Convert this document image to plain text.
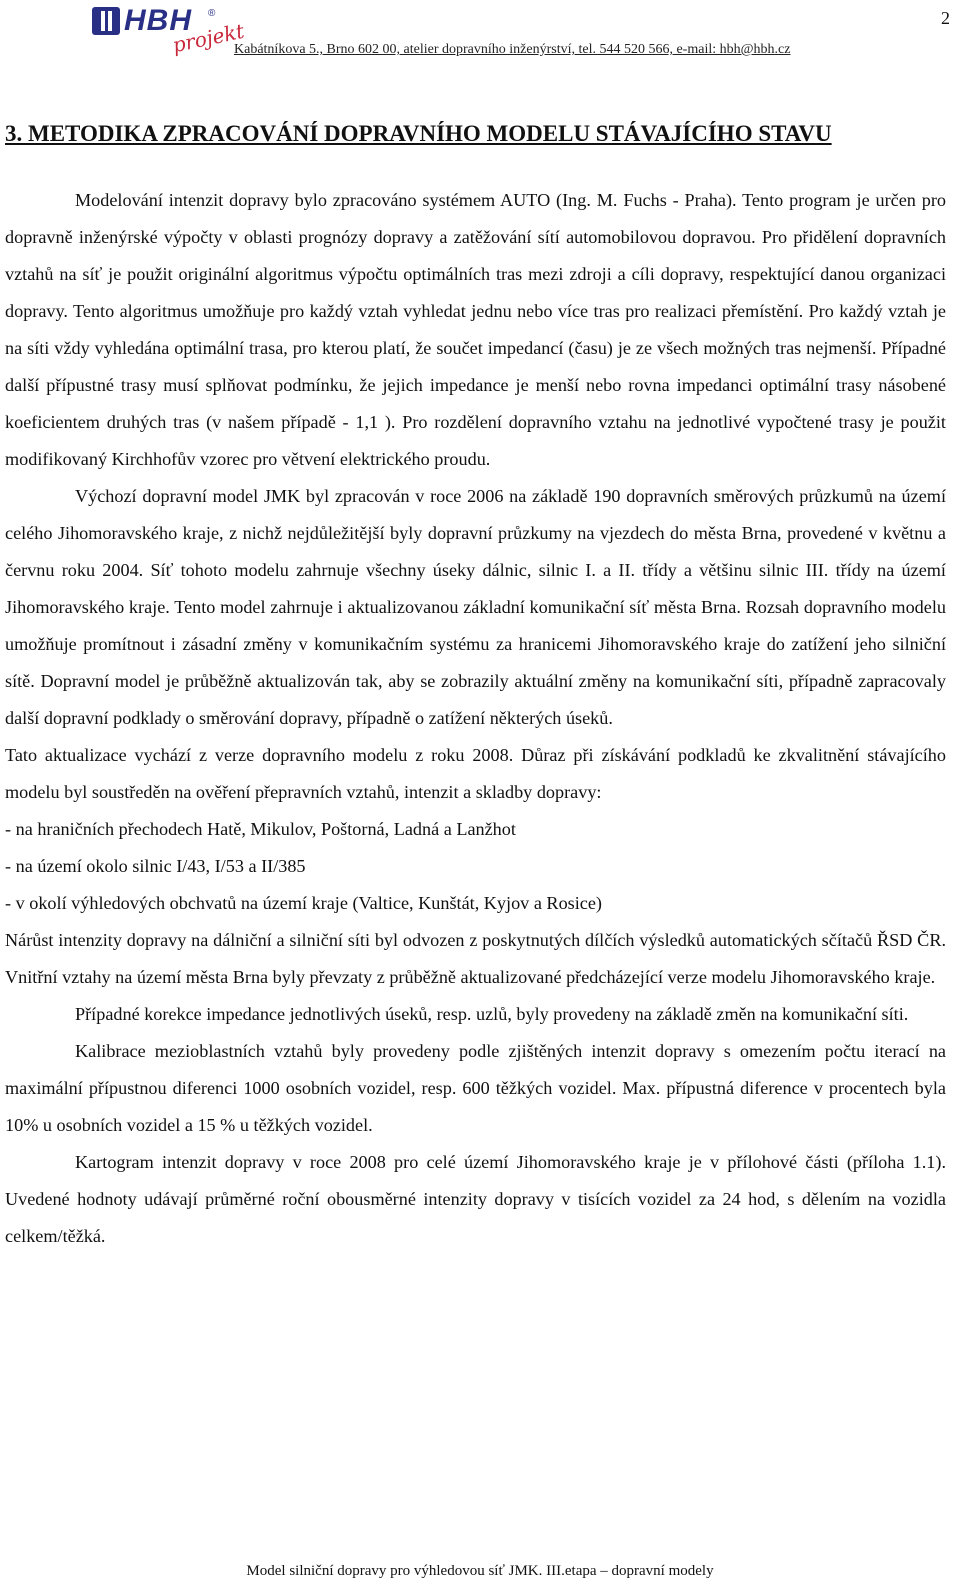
2
HBH ®
projekt
Kabátníkova 5., Brno 602 00, atelier dopravního inženýrství, tel. 544 520 566, e-mail: hbh@hbh.cz
3. METODIKA ZPRACOVÁNÍ DOPRAVNÍHO MODELU STÁVAJÍCÍHO STAVU

Modelování intenzit dopravy bylo zpracováno systémem AUTO (Ing. M. Fuchs - Praha). Tento program je určen pro dopravně inženýrské výpočty v oblasti prognózy dopravy a zatěžování sítí automobilovou dopravou. Pro přidělení dopravních vztahů na síť je použit originální algoritmus výpočtu optimálních tras mezi zdroji a cíli dopravy, respektující danou organizaci dopravy. Tento algoritmus umožňuje pro každý vztah vyhledat jednu nebo více tras pro realizaci přemístění. Pro každý vztah je na síti vždy vyhledána optimální trasa, pro kterou platí, že součet impedancí (času) je ze všech možných tras nejmenší. Případné další přípustné trasy musí splňovat podmínku, že jejich impedance je menší nebo rovna impedanci optimální trasy násobené koeficientem druhých tras (v našem případě - 1,1 ). Pro rozdělení dopravního vztahu na jednotlivé vypočtené trasy je použit modifikovaný Kirchhofův vzorec pro větvení elektrického proudu.

Výchozí dopravní model JMK byl zpracován v roce 2006 na základě 190 dopravních směrových průzkumů na území celého Jihomoravského kraje, z nichž nejdůležitější byly dopravní průzkumy na vjezdech do města Brna, provedené v květnu a červnu roku 2004. Síť tohoto modelu zahrnuje všechny úseky dálnic, silnic I. a II. třídy a většinu silnic III. třídy na území Jihomoravského kraje. Tento model zahrnuje i aktualizovanou základní komunikační síť města Brna. Rozsah dopravního modelu umožňuje promítnout i zásadní změny v komunikačním systému za hranicemi Jihomoravského kraje do zatížení jeho silniční sítě. Dopravní model je průběžně aktualizován tak, aby se zobrazily aktuální změny na komunikační síti, případně zapracovaly další dopravní podklady o směrování dopravy, případně o zatížení některých úseků.

Tato aktualizace vychází z verze dopravního modelu z roku 2008. Důraz při získávání podkladů ke zkvalitnění stávajícího modelu byl soustředěn na ověření přepravních vztahů, intenzit a skladby dopravy:

- na hraničních přechodech Hatě, Mikulov, Poštorná, Ladná a Lanžhot

- na území okolo silnic I/43, I/53 a II/385

- v okolí výhledových obchvatů na území kraje (Valtice, Kunštát, Kyjov a Rosice)

Nárůst intenzity dopravy na dálniční a silniční síti byl odvozen z poskytnutých dílčích výsledků automatických sčítačů ŘSD ČR. Vnitřní vztahy na území města Brna byly převzaty z průběžně aktualizované předcházející verze modelu Jihomoravského kraje.

Případné korekce impedance jednotlivých úseků, resp. uzlů, byly provedeny na základě změn na komunikační síti.

Kalibrace mezioblastních vztahů byly provedeny podle zjištěných intenzit dopravy s omezením počtu iterací na maximální přípustnou diferenci 1000 osobních vozidel, resp. 600 těžkých vozidel. Max. přípustná diference v procentech byla 10% u osobních vozidel a 15 % u těžkých vozidel.

Kartogram intenzit dopravy v roce 2008 pro celé území Jihomoravského kraje je v přílohové části (příloha 1.1). Uvedené hodnoty udávají průměrné roční obousměrné intenzity dopravy v tisících vozidel za 24 hod, s dělením na vozidla celkem/těžká.

Model silniční dopravy pro výhledovou síť JMK. III.etapa – dopravní modely
